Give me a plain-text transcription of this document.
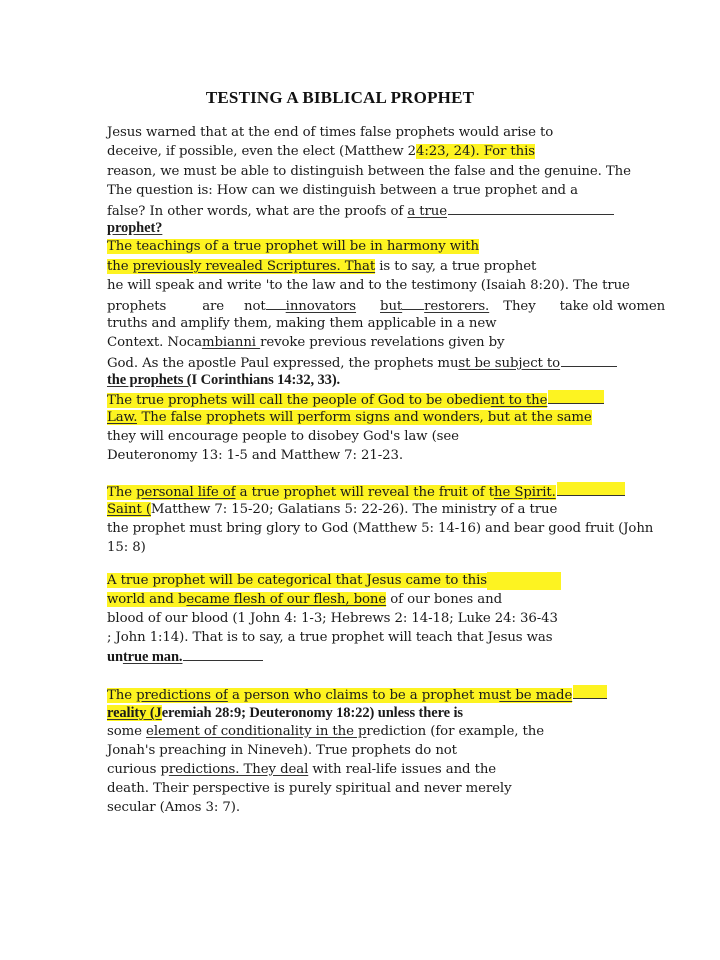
TESTING A BIBLICAL PROPHET
Jesus warned that at the end of times false prophets would arise to
deceive, if possible, even the elect (Matthew 24:23, 24). For this
reason, we must be able to distinguish between the false and the genuine. The
The question is: How can we distinguish between a true prophet and a
false? In other words, what are the proofs of a true
prophet?
The teachings of a true prophet will be in harmony with
the previously revealed Scriptures. That is to say, a true prophet
he will speak and write 'to the law and to the testimony (Isaiah 8:20). The true
prophets	are not innovators but restorers. They take old women
truths and amplify them, making them applicable in a new
Context. Nocambianni revoke previous revelations given by
God. As the apostle Paul expressed, the prophets must be subject to
the prophets (I Corinthians 14:32, 33).
The true prophets will call the people of God to be obedient to the
Law. The false prophets will perform signs and wonders, but at the same
they will encourage people to disobey God's law (see
Deuteronomy 13: 1-5 and Matthew 7: 21-23.
The personal life of a true prophet will reveal the fruit of the Spirit.
Saint (Matthew 7: 15-20; Galatians 5: 22-26). The ministry of a true
the prophet must bring glory to God (Matthew 5: 14-16) and bear good fruit (John
15: 8)
A true prophet will be categorical that Jesus came to this
world and became flesh of our flesh, bone of our bones and
blood of our blood (1 John 4: 1-3; Hebrews 2: 14-18; Luke 24: 36-43
; John 1:14). That is to say, a true prophet will teach that Jesus was
untrue man.
The predictions of a person who claims to be a prophet must be made
reality (Jeremiah 28:9; Deuteronomy 18:22) unless there is
some element of conditionality in the prediction (for example, the
Jonah's preaching in Nineveh). True prophets do not
curious predictions. They deal with real-life issues and the
death. Their perspective is purely spiritual and never merely
secular (Amos 3: 7).
